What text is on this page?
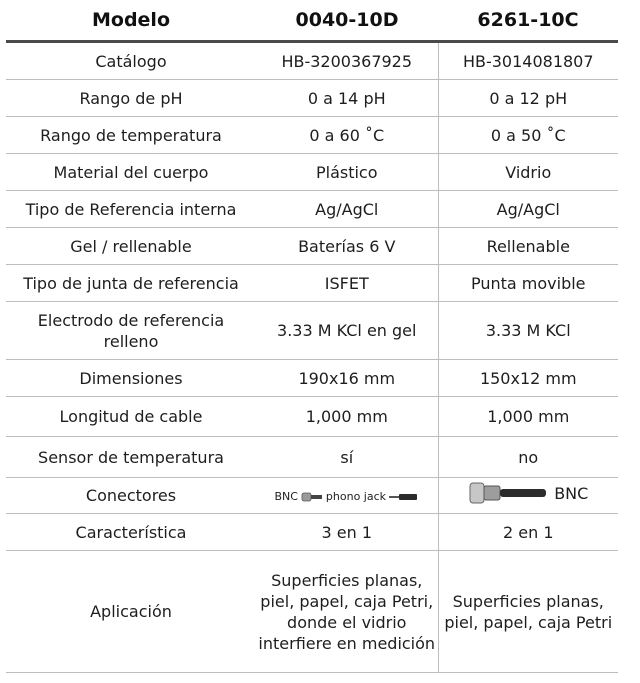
Modelo	0040-10D	6261-10C
Catálogo	HB-3200367925	HB-3014081807
Rango de pH	0 a 14 pH	0 a 12 pH
Rango de temperatura	0 a 60 ˚C	0 a 50 ˚C
Material del cuerpo	Plástico	Vidrio
Tipo de Referencia interna	Ag/AgCl	Ag/AgCl
Gel / rellenable	Baterías 6 V	Rellenable
Tipo de junta de referencia	ISFET	Punta movible
Electrodo de referencia relleno	3.33 M KCl en gel	3.33 M KCl
Dimensiones	190x16 mm	150x12 mm
Longitud de cable	1,000 mm	1,000 mm
Sensor de temperatura	sí	no
Conectores	BNC phono jack	BNC

Característica	3 en 1	2 en 1
Aplicación	Superficies planas, piel, papel, caja Petri, donde el vidrio interfiere en medición	Superficies planas, piel, papel, caja Petri
